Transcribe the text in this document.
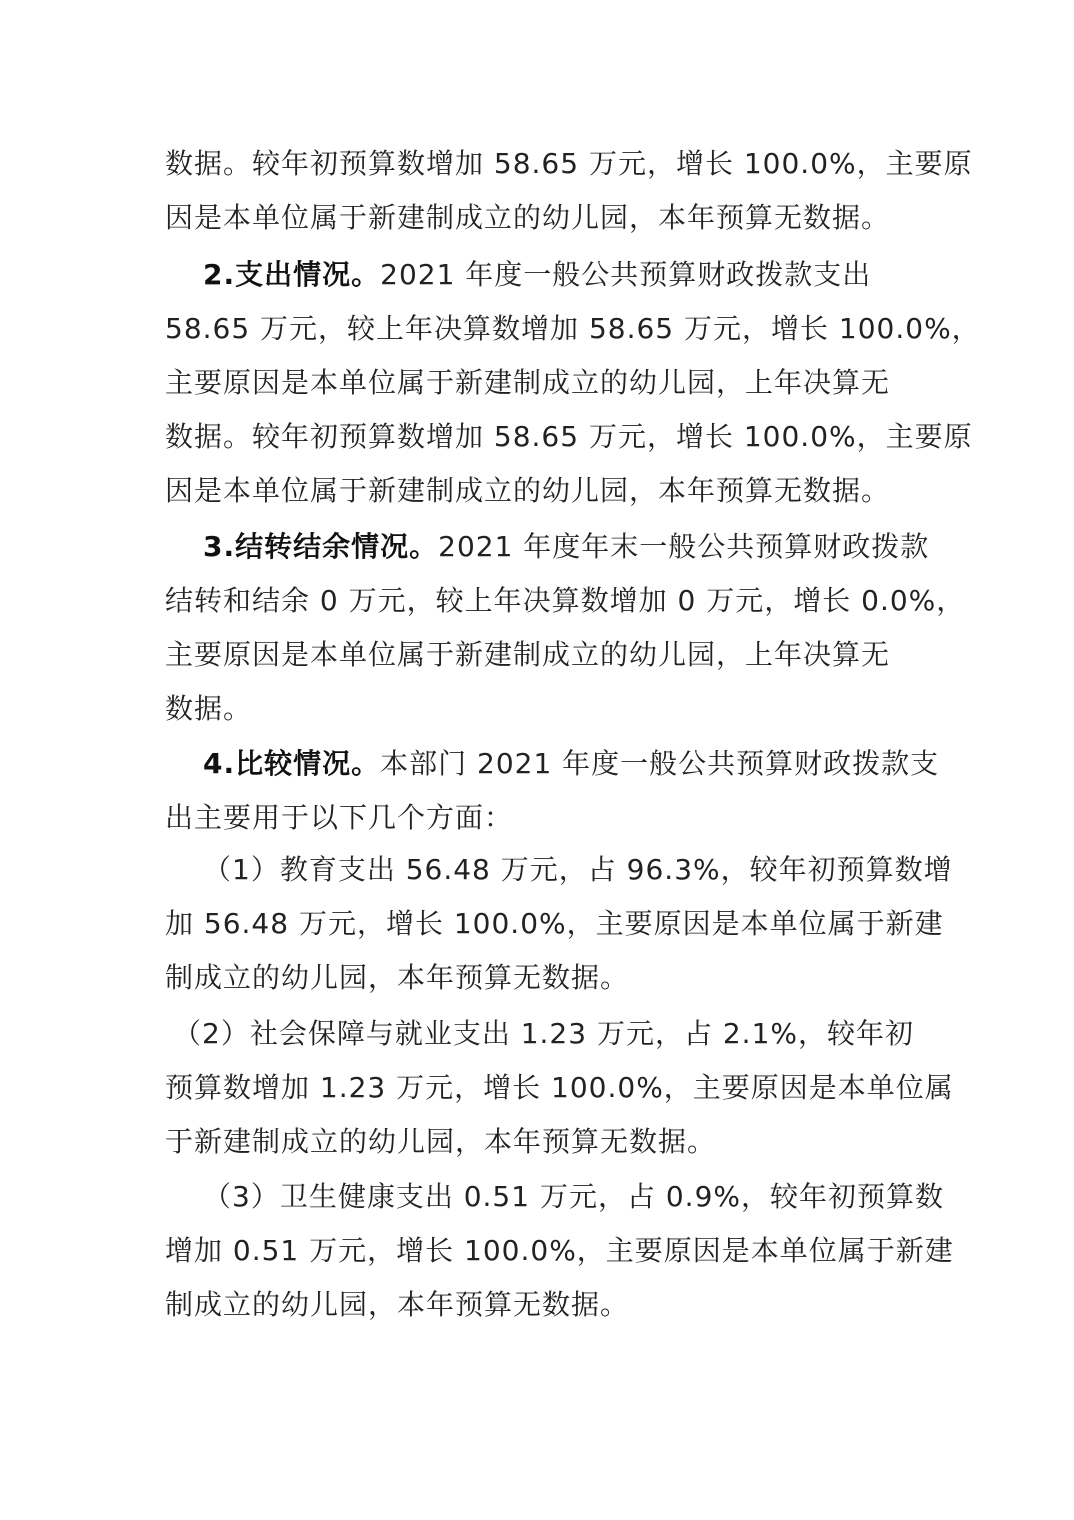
数据。较年初预算数增加 58.65 万元，增长 100.0%，主要原

因是本单位属于新建制成立的幼儿园，本年预算无数据。

2.支出情况。2021 年度一般公共预算财政拨款支出

58.65 万元，较上年决算数增加 58.65 万元，增长 100.0%，

主要原因是本单位属于新建制成立的幼儿园，上年决算无

数据。较年初预算数增加 58.65 万元，增长 100.0%，主要原

因是本单位属于新建制成立的幼儿园，本年预算无数据。

3.结转结余情况。2021 年度年末一般公共预算财政拨款

结转和结余 0 万元，较上年决算数增加 0 万元，增长 0.0%，

主要原因是本单位属于新建制成立的幼儿园，上年决算无

数据。

4.比较情况。本部门 2021 年度一般公共预算财政拨款支

出主要用于以下几个方面：

（1）教育支出 56.48 万元，占 96.3%，较年初预算数增

加 56.48 万元，增长 100.0%，主要原因是本单位属于新建

制成立的幼儿园，本年预算无数据。

（2）社会保障与就业支出 1.23 万元，占 2.1%，较年初

预算数增加 1.23 万元，增长 100.0%，主要原因是本单位属

于新建制成立的幼儿园，本年预算无数据。

（3）卫生健康支出 0.51 万元，占 0.9%，较年初预算数

增加 0.51 万元，增长 100.0%，主要原因是本单位属于新建

制成立的幼儿园，本年预算无数据。
